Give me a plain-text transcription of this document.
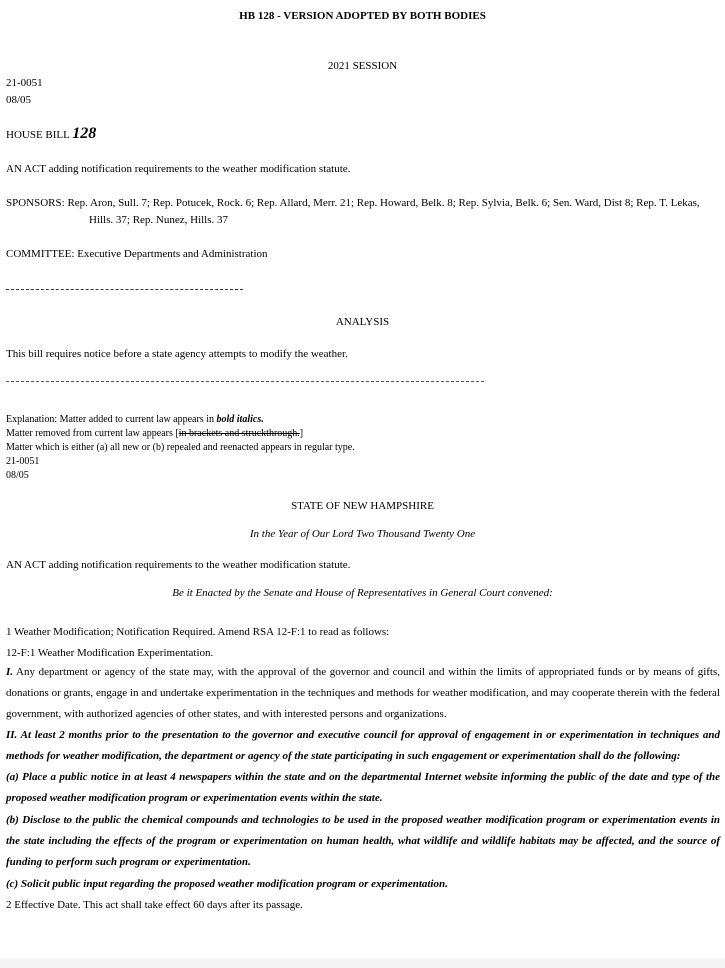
HB 128 - VERSION ADOPTED BY BOTH BODIES
2021 SESSION
21-0051
08/05
HOUSE BILL 128
AN ACT adding notification requirements to the weather modification statute.
SPONSORS: Rep. Aron, Sull. 7; Rep. Potucek, Rock. 6; Rep. Allard, Merr. 21; Rep. Howard, Belk. 8; Rep. Sylvia, Belk. 6; Sen. Ward, Dist 8; Rep. T. Lekas,
Hills. 37; Rep. Nunez, Hills. 37
COMMITTEE: Executive Departments and Administration
ANALYSIS
This bill requires notice before a state agency attempts to modify the weather.
Explanation: Matter added to current law appears in bold italics.
Matter removed from current law appears [in brackets and struckthrough.]
Matter which is either (a) all new or (b) repealed and reenacted appears in regular type.
21-0051
08/05
STATE OF NEW HAMPSHIRE
In the Year of Our Lord Two Thousand Twenty One
AN ACT adding notification requirements to the weather modification statute.
Be it Enacted by the Senate and House of Representatives in General Court convened:
1 Weather Modification; Notification Required. Amend RSA 12-F:1 to read as follows:
12-F:1 Weather Modification Experimentation.
I. Any department or agency of the state may, with the approval of the governor and council and within the limits of appropriated funds or by means of gifts, donations or grants, engage in and undertake experimentation in the techniques and methods for weather modification, and may cooperate therein with the federal government, with authorized agencies of other states, and with interested persons and organizations.
II. At least 2 months prior to the presentation to the governor and executive council for approval of engagement in or experimentation in techniques and methods for weather modification, the department or agency of the state participating in such engagement or experimentation shall do the following:
(a) Place a public notice in at least 4 newspapers within the state and on the departmental Internet website informing the public of the date and type of the proposed weather modification program or experimentation events within the state.
(b) Disclose to the public the chemical compounds and technologies to be used in the proposed weather modification program or experimentation events in the state including the effects of the program or experimentation on human health, what wildlife and wildlife habitats may be affected, and the source of funding to perform such program or experimentation.
(c) Solicit public input regarding the proposed weather modification program or experimentation.
2 Effective Date. This act shall take effect 60 days after its passage.
